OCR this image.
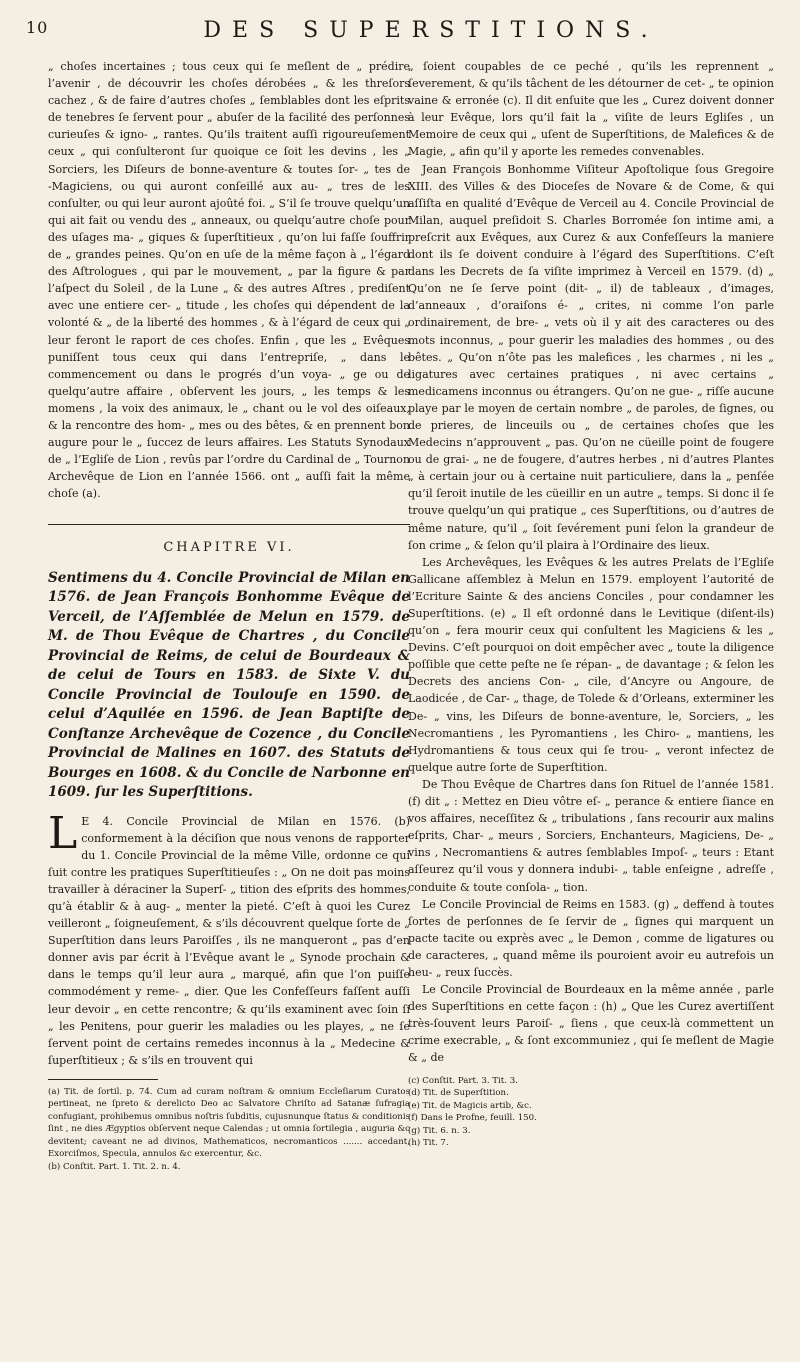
10	DES SUPERSTITIONS.

„ choſes incertaines ; tous ceux qui ſe meſlent de „ prédire l’avenir , de découvrir les choſes dérobées „ & les threſors cachez , & de faire d’autres choſes „ ſemblables dont les eſprits de tenebres ſe ſervent pour „ abuſer de la facilité des perſonnes curieuſes & igno- „ rantes. Qu’ils traitent auſſi rigoureuſement ceux „ qui conſulteront ſur quoique ce ſoit les devins , les „ Sorciers, les Diſeurs de bonne-aventure & toutes ſor- „ tes de ‑Magiciens, ou qui auront conſeillé aux au- „ tres de les conſulter, ou qui leur auront ajoûté foi. „ S’il ſe trouve quelqu’un qui ait fait ou vendu des „ anneaux, ou quelqu’autre choſe pour des uſages ma- „ giques & ſuperſtitieux , qu’on lui faſſe ſouffrir de „ grandes peines. Qu’on en uſe de la même façon à „ l’égard des Aſtrologues , qui par le mouvement, „ par la figure & par l’aſpect du Soleil , de la Lune „ & des autres Aſtres , prediſent avec une entiere cer- „ titude , les choſes qui dépendent de la volonté & „ de la liberté des hommes , & à l’égard de ceux qui „ leur feront le raport de ces choſes. Enfin , que les „ Evêques puniſſent tous ceux qui dans l’entrepriſe, „ dans le commencement ou dans le progrés d’un voya- „ ge ou de quelqu’autre affaire , obſervent les jours, „ les temps & les momens , la voix des animaux, le „ chant ou le vol des oiſeaux, & la rencontre des hom- „ mes ou des bêtes, & en prennent bon augure pour le „ ſuccez de leurs affaires. Les Statuts Synodaux de „ l’Egliſe de Lion , revûs par l’ordre du Cardinal de „ Tournon Archevêque de Lion en l’année 1566. ont „ auſſi fait la même choſe (a).

CHAPITRE VI.
Sentimens du 4. Concile Provincial de Milan en 1576. de Jean François Bonhomme Evêque de Verceil, de l’Aſſemblée de Melun en 1579. de M. de Thou Evêque de Chartres , du Concile Provincial de Reims, de celui de Bourdeaux & de celui de Tours en 1583. de Sixte V. du Concile Provincial de Toulouſe en 1590. de celui d’Aquilée en 1596. de Jean Baptiſte de Conſtanze Archevêque de Cozence , du Concile Provincial de Malines en 1607. des Statuts de Bourges en 1608. & du Concile de Narbonne en 1609. ſur les Superſtitions.

L E 4. Concile Provincial de Milan en 1576. (b) conformement à la déciſion que nous venons de rapporter du 1. Concile Provincial de la même Ville, ordonne ce qui ſuit contre les pratiques Superſtitieuſes : „ On ne doit pas moins travailler à déraciner la Superſ- „ tition des eſprits des hommes, qu’à établir & à aug- „ menter la pieté. C’eſt à quoi les Curez veilleront „ ſoigneuſement, & s’ils découvrent quelque ſorte de „ Superſtition dans leurs Paroiſſes , ils ne manqueront „ pas d’en donner avis par écrit à l’Evêque avant le „ Synode prochain & dans le temps qu’il leur aura „ marqué, afin que l’on puiſſe commodément y reme- „ dier. Que les Confeſſeurs faſſent auſſi leur devoir „ en cette rencontre; & qu’ils examinent avec ſoin ſi „ les Penitens, pour guerir les maladies ou les playes, „ ne ſe ſervent point de certains remedes inconnus à la „ Medecine & ſuperſtitieux ; & s’ils en trouvent qui

(a) Tit. de ſortil. p. 74. Cum ad curam noſtram & omnium Eccleſiarum Curatos pertineat, ne ſpreto & derelicto Deo ac Salvatore Chriſto ad Satanæ ſufragia confugiant, prohibemus omnibus noſtris ſubditis, cujusnunque ſtatus & conditionis ſint , ne dies Ægyptios obſervent neque Calendas ; ut omnia ſortilegia , auguria &c devitent; caveant ne ad divinos, Mathematicos, necromanticos ....... accedant, Exorciſmos, Specula, annulos &c exercentur, &c.

(b) Conſtit. Part. 1. Tit. 2. n. 4.

„ ſoient coupables de ce peché , qu’ils les reprennent „ ſeverement, & qu’ils tâchent de les détourner de cet- „ te opinion vaine & erronée (c). Il dit enſuite que les „ Curez doivent donner à leur Evêque, lors qu’il fait la „ viſite de leurs Egliſes , un Memoire de ceux qui „ uſent de Superſtitions, de Malefices & de Magie, „ afin qu’il y aporte les remedes convenables.

Jean François Bonhomme Viſiteur Apoſtolique ſous Gregoire XIII. des Villes & des Dioceſes de Novare & de Come, & qui aſſiſta en qualité d’Evêque de Verceil au 4. Concile Provincial de Milan, auquel preſidoit S. Charles Borromée ſon intime ami, a preſcrit aux Evêques, aux Curez & aux Confeſſeurs la maniere dont ils ſe doivent conduire à l’égard des Superſtitions. C’eſt dans les Decrets de ſa viſite imprimez à Verceil en 1579. (d) „ Qu’on ne ſe ſerve point (dit- „ il) de tableaux , d’images, d’anneaux , d’oraiſons é- „ crites, ni comme l’on parle ordinairement, de bre- „ vets où il y ait des caracteres ou des mots inconnus, „ pour guerir les maladies des hommes , ou des bêtes. „ Qu’on n’ôte pas les malefices , les charmes , ni les „ ligatures avec certaines pratiques , ni avec certains „ medicamens inconnus ou étrangers. Qu’on ne gue- „ riſſe aucune playe par le moyen de certain nombre „ de paroles, de ſignes, ou de prieres, de linceuils ou „ de certaines choſes que les Medecins n’approuvent „ pas. Qu’on ne cüeille point de fougere ou de grai- „ ne de fougere, d’autres herbes , ni d’autres Plantes „ à certain jour ou à certaine nuit particuliere, dans la „ penſée qu’il ſeroit inutile de les cüeillir en un autre „ temps. Si donc il ſe trouve quelqu’un qui pratique „ ces Superſtitions, ou d’autres de même nature, qu’il „ ſoit ſevérement puni ſelon la grandeur de ſon crime „ & ſelon qu’il plaira à l’Ordinaire des lieux.

Les Archevêques, les Evêques & les autres Prelats de l’Egliſe Gallicane aſſemblez à Melun en 1579. employent l’autorité de l’Ecriture Sainte & des anciens Conciles , pour condamner les Superſtitions. (e) „ Il eſt ordonné dans le Levitique (diſent-ils) qu’on „ fera mourir ceux qui conſultent les Magiciens & les „ Devins. C’eſt pourquoi on doit empêcher avec „ toute la diligence poſſible que cette peſte ne ſe répan- „ de davantage ; & ſelon les Decrets des anciens Con- „ cile, d’Ancyre ou Angoure, de Laodicée , de Car- „ thage, de Tolede & d’Orleans, exterminer les De- „ vins, les Diſeurs de bonne-aventure, le, Sorciers, „ les Necromantiens , les Pyromantiens , les Chiro- „ mantiens, les Hydromantiens & tous ceux qui ſe trou- „ veront infectez de quelque autre ſorte de Superſtition.

De Thou Evêque de Chartres dans ſon Rituel de l’année 1581. (f) dit „ : Mettez en Dieu vôtre eſ- „ perance & entiere ſiance en vos affaires, neceſſitez & „ tribulations , ſans recourir aux malins eſprits, Char- „ meurs , Sorciers, Enchanteurs, Magiciens, De- „ vins , Necromantiens & autres ſemblables Impoſ- „ teurs : Etant aſſeurez qu’il vous y donnera indubi- „ table enſeigne , adreſſe , conduite & toute conſola- „ tion.

Le Concile Provincial de Reims en 1583. (g) „ deffend à toutes ſortes de perſonnes de ſe ſervir de „ ſignes qui marquent un pacte tacite ou exprès avec „ le Demon , comme de ligatures ou de caracteres, „ quand même ils pouroient avoir eu autrefois un heu- „ reux ſuccès.

Le Concile Provincial de Bourdeaux en la même année , parle des Superſtitions en cette façon : (h) „ Que les Curez avertiſſent très-ſouvent leurs Paroiſ- „ ſiens , que ceux-là commettent un crime execrable, „ & ſont excommuniez , qui ſe meſlent de Magie & „ de

(c) Conſtit. Part. 3. Tit. 3.

(d) Tit. de Superſtition.

(e) Tit. de Magicis artib, &c.

(f) Dans le Profne, feuill. 150.

(g) Tit. 6. n. 3.

(h) Tit. 7.
